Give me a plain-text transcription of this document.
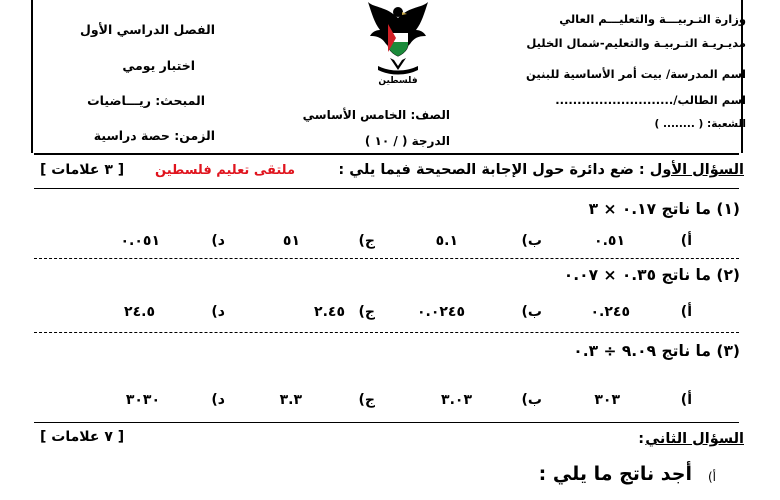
وزارة التـربيـــة والتعليـــم العالي
مديـريـة التـربيـة والتعليم-شمال الخليل
اسم المدرسة/ بيت أمر الأساسية للبنين
اسم الطالب/...........................
الشعبة: ( ........ )
الفصل الدراسي الأول
اختبار يومي
المبحث: ريـــاضيات
الزمن: حصة دراسية
فلسطين
الصف: الخامس الأساسي
الدرجة ( / ١٠ )
السؤال الأول : ضع دائرة حول الإجابة الصحيحة فيما يلي :
ملتقى تعليم فلسطين
[ ٣ علامات ]
(١) ما ناتج ٠.١٧ × ٣
أ)
٠.٥١
ب)
٥.١
ج)
٥١
د)
٠.٠٥١
(٢) ما ناتج ٠.٣٥ × ٠.٠٧
أ)
٠.٢٤٥
ب)
٠.٠٢٤٥
ج)
٢.٤٥
د)
٢٤.٥
(٣) ما ناتج ٩.٠٩ ÷ ٠.٣
أ)
٣٠٣
ب)
٣.٠٣
ج)
٣.٣
د)
٣٠٣٠
السؤال الثاني
:
[ ٧ علامات ]
أ)
أجد ناتج ما يلي :
